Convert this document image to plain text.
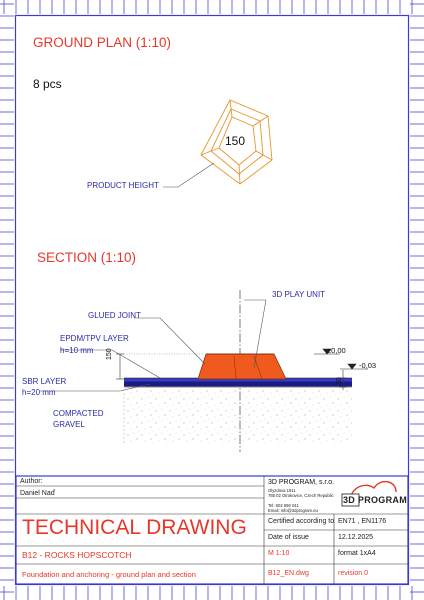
GROUND PLAN (1:10)
8 pcs
150
PRODUCT HEIGHT
SECTION (1:10)
3D PLAY UNIT
GLUED JOINT
EPDM/TPV LAYER
h=10 mm
SBR LAYER
h=20 mm
COMPACTED
GRAVEL
150
30
±0,00
-0,03
Author:
Daniel Naď
3D PROGRAM, s.r.o.
Olyzdova 1911
765 02 Otrokovice, Czech Republic
Tel: 602 696 041
Email: info@3dprogram.eu
3D PROGRAM
TECHNICAL DRAWING	Certified according to EN71 , EN1176
Date of issue	12.12.2025
B12 - ROCKS HOPSCOTCH	M 1:10	format 1xA4
Foundation and anchoring - ground plan and section	B12_EN.dwg	revision 0
